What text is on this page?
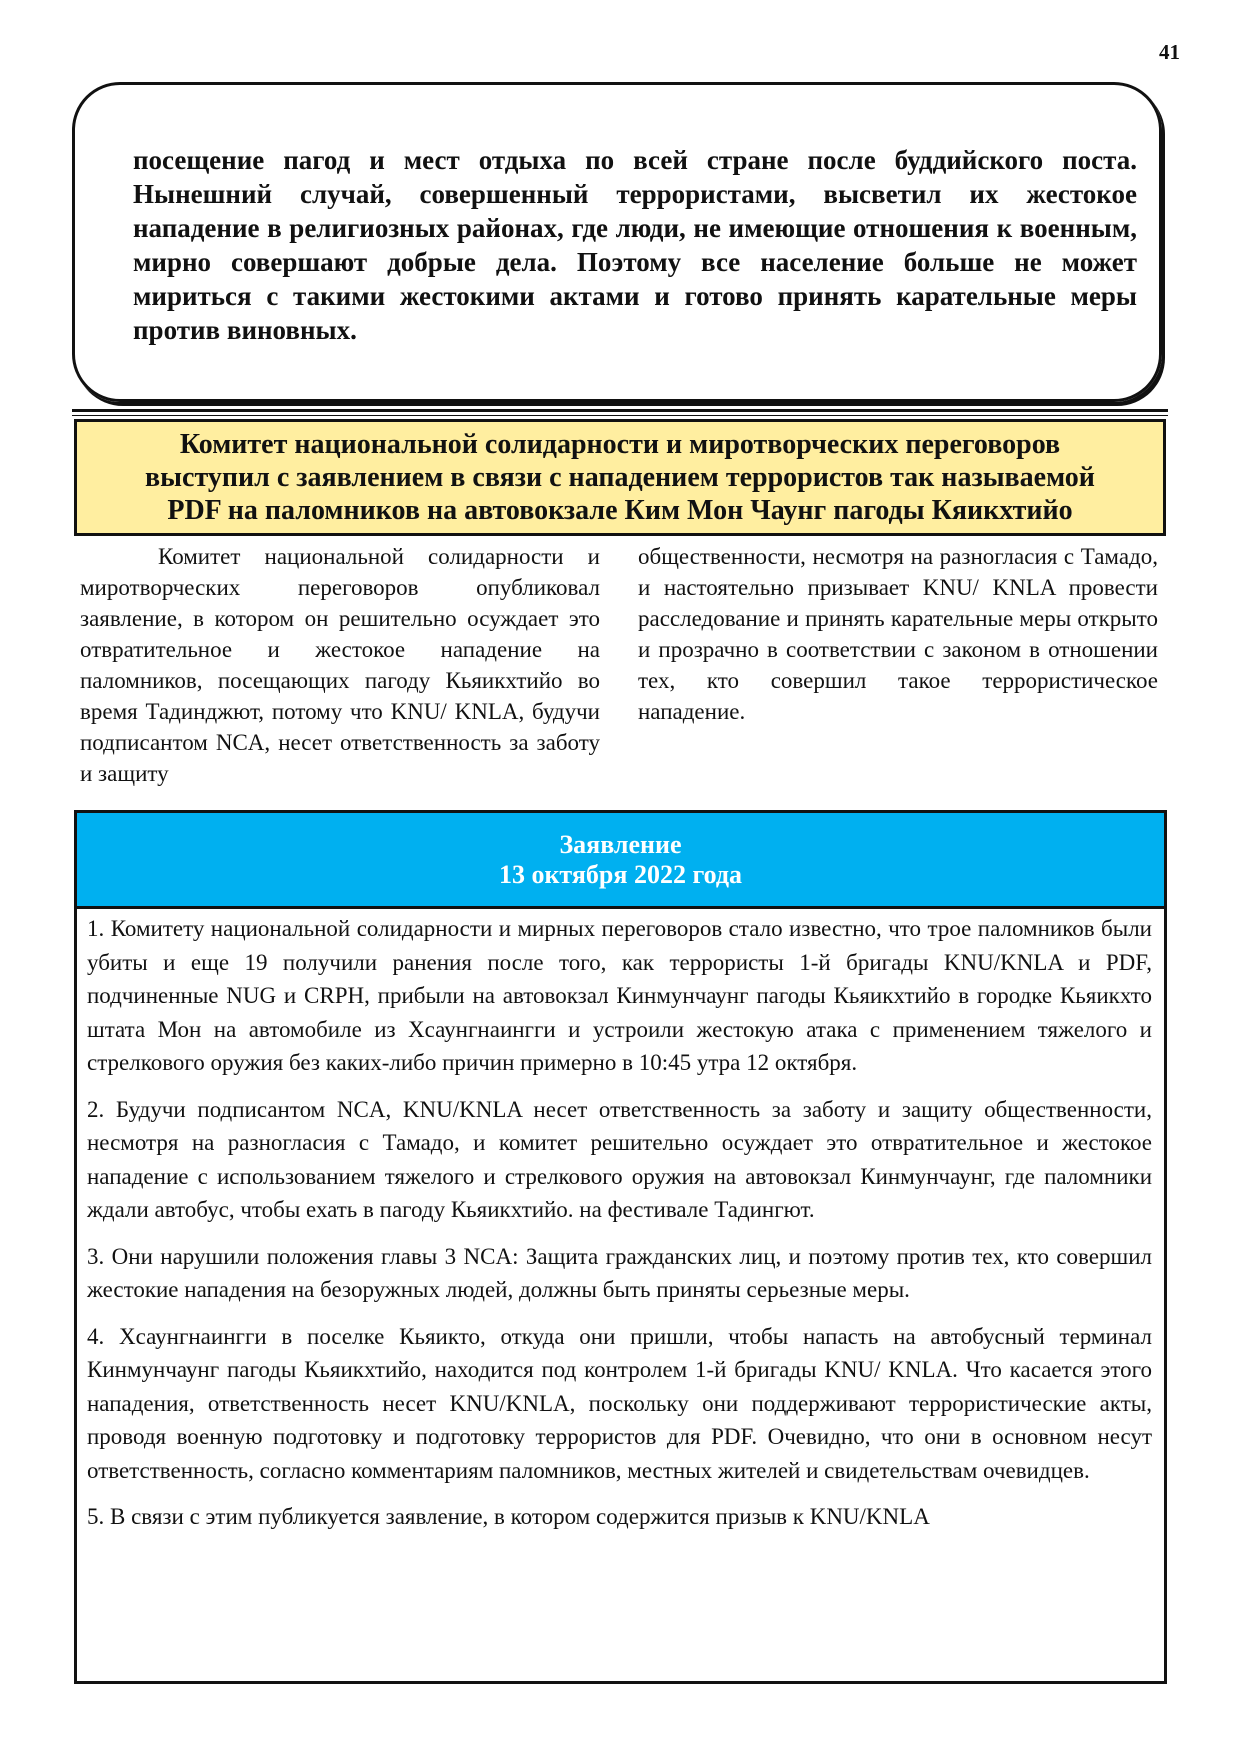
41

посещение пагод и мест отдыха по всей стране после буддийского поста. Нынешний случай, совершенный террористами, высветил их жестокое нападение в религиозных районах, где люди, не имеющие отношения к военным, мирно совершают добрые дела. Поэтому все население больше не может мириться с такими жестокими актами и готово принять карательные меры против виновных.

Комитет национальной солидарности и миротворческих переговоров
выступил с заявлением в связи с нападением террористов так называемой
PDF на паломников на автовокзале Ким Мон Чаунг пагоды Кяикхтийо

Комитет национальной солидарности и миротворческих переговоров опубликовал заявление, в котором он решительно осуждает это отвратительное и жестокое нападение на паломников, посещающих пагоду Кьяикхтийо во время Тадинджют, потому что KNU/ KNLA, будучи подписантом NCA, несет ответственность за заботу и защиту

общественности, несмотря на разногласия с Тамадо, и настоятельно призывает KNU/ KNLA провести расследование и принять карательные меры открыто и прозрачно в соответствии с законом в отношении тех, кто совершил такое террористическое нападение.

Заявление
13 октября 2022 года

1. Комитету национальной солидарности и мирных переговоров стало известно, что трое паломников были убиты и еще 19 получили ранения после того, как террористы 1-й бригады KNU/KNLA и PDF, подчиненные NUG и CRPH, прибыли на автовокзал Кинмунчаунг пагоды Кьяикхтийо в городке Кьяикхто штата Мон на автомобиле из Хсаунгнаингги и устроили жестокую атака с применением тяжелого и стрелкового оружия без каких-либо причин примерно в 10:45 утра 12 октября.

2. Будучи подписантом NCA, KNU/KNLA несет ответственность за заботу и защиту общественности, несмотря на разногласия с Тамадо, и комитет решительно осуждает это отвратительное и жестокое нападение с использованием тяжелого и стрелкового оружия на автовокзал Кинмунчаунг, где паломники ждали автобус, чтобы ехать в пагоду Кьяикхтийо. на фестивале Тадингют.

3. Они нарушили положения главы 3 NCA: Защита гражданских лиц, и поэтому против тех, кто совершил жестокие нападения на безоружных людей, должны быть приняты серьезные меры.

4. Хсаунгнаингги в поселке Кьяикто, откуда они пришли, чтобы напасть на автобусный терминал Кинмунчаунг пагоды Кьяикхтийо, находится под контролем 1-й бригады KNU/ KNLA. Что касается этого нападения, ответственность несет KNU/KNLA, поскольку они поддерживают террористические акты, проводя военную подготовку и подготовку террористов для PDF. Очевидно, что они в основном несут ответственность, согласно комментариям паломников, местных жителей и свидетельствам очевидцев.

5. В связи с этим публикуется заявление, в котором содержится призыв к KNU/KNLA
